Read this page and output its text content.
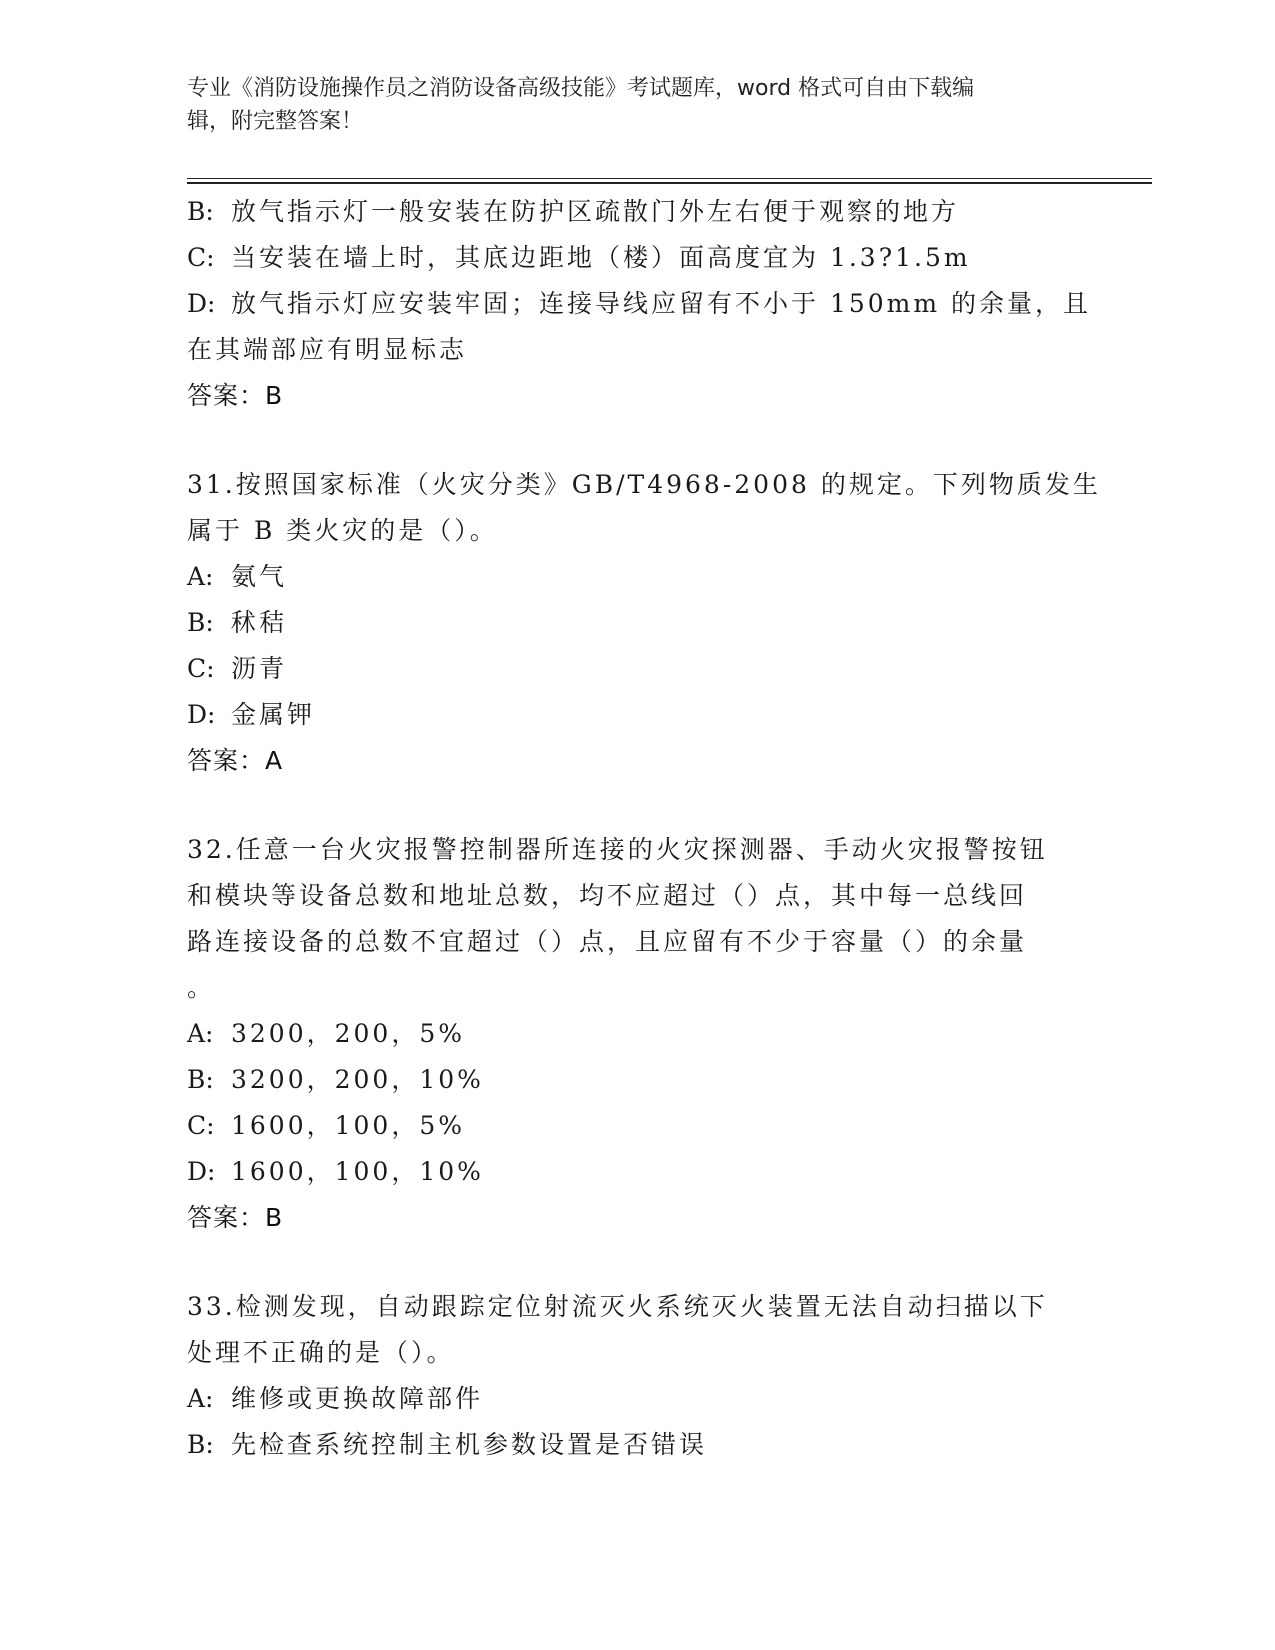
专业《消防设施操作员之消防设备高级技能》考试题库，word 格式可自由下载编
辑，附完整答案！
B: 放气指示灯一般安装在防护区疏散门外左右便于观察的地方
C: 当安装在墙上时，其底边距地（楼）面高度宜为 1.3?1.5m
D: 放气指示灯应安装牢固；连接导线应留有不小于 150mm 的余量，且
在其端部应有明显标志
答案：B
31.按照国家标准（火灾分类》GB/T4968-2008 的规定。下列物质发生
属于 B 类火灾的是（）。
A: 氨气
B: 秫秸
C: 沥青
D: 金属钾
答案：A
32.任意一台火灾报警控制器所连接的火灾探测器、手动火灾报警按钮
和模块等设备总数和地址总数，均不应超过（）点，其中每一总线回
路连接设备的总数不宜超过（）点，且应留有不少于容量（）的余量
。
A: 3200，200，5%
B: 3200，200，10%
C: 1600，100，5%
D: 1600，100，10%
答案：B
33.检测发现，自动跟踪定位射流灭火系统灭火装置无法自动扫描以下
处理不正确的是（）。
A: 维修或更换故障部件
B: 先检查系统控制主机参数设置是否错误
